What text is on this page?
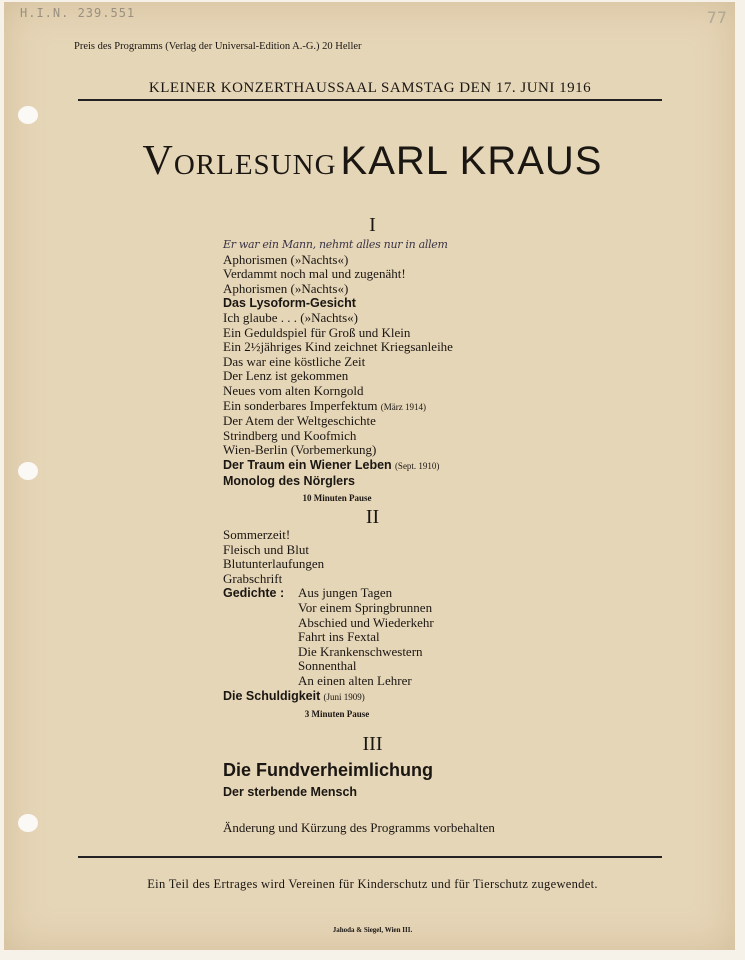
H.I.N. 239.551	77
Preis des Programms (Verlag der Universal-Edition A.-G.) 20 Heller
KLEINER KONZERTHAUSSAAL SAMSTAG DEN 17. JUNI 1916
Vorlesung KARL KRAUS
I
Er war ein Mann, nehmt alles nur in allem
Aphorismen (»Nachts«)
Verdammt noch mal und zugenäht!
Aphorismen (»Nachts«)
Das Lysoform-Gesicht
Ich glaube . . . (»Nachts«)
Ein Geduldspiel für Groß und Klein
Ein 2½jähriges Kind zeichnet Kriegsanleihe
Das war eine köstliche Zeit
Der Lenz ist gekommen
Neues vom alten Korngold
Ein sonderbares Imperfektum (März 1914)
Der Atem der Weltgeschichte
Strindberg und Koofmich
Wien-Berlin (Vorbemerkung)
Der Traum ein Wiener Leben (Sept. 1910)
Monolog des Nörglers
10 Minuten Pause
II
Sommerzeit!
Fleisch und Blut
Blutunterlaufungen
Grabschrift
Gedichte :	Aus jungen Tagen
Vor einem Springbrunnen
Abschied und Wiederkehr
Fahrt ins Fextal
Die Krankenschwestern
Sonnenthal
An einen alten Lehrer
Die Schuldigkeit (Juni 1909)
3 Minuten Pause
III
Die Fundverheimlichung
Der sterbende Mensch
Änderung und Kürzung des Programms vorbehalten
Ein Teil des Ertrages wird Vereinen für Kinderschutz und für Tierschutz zugewendet.
Jahoda & Siegel, Wien III.
